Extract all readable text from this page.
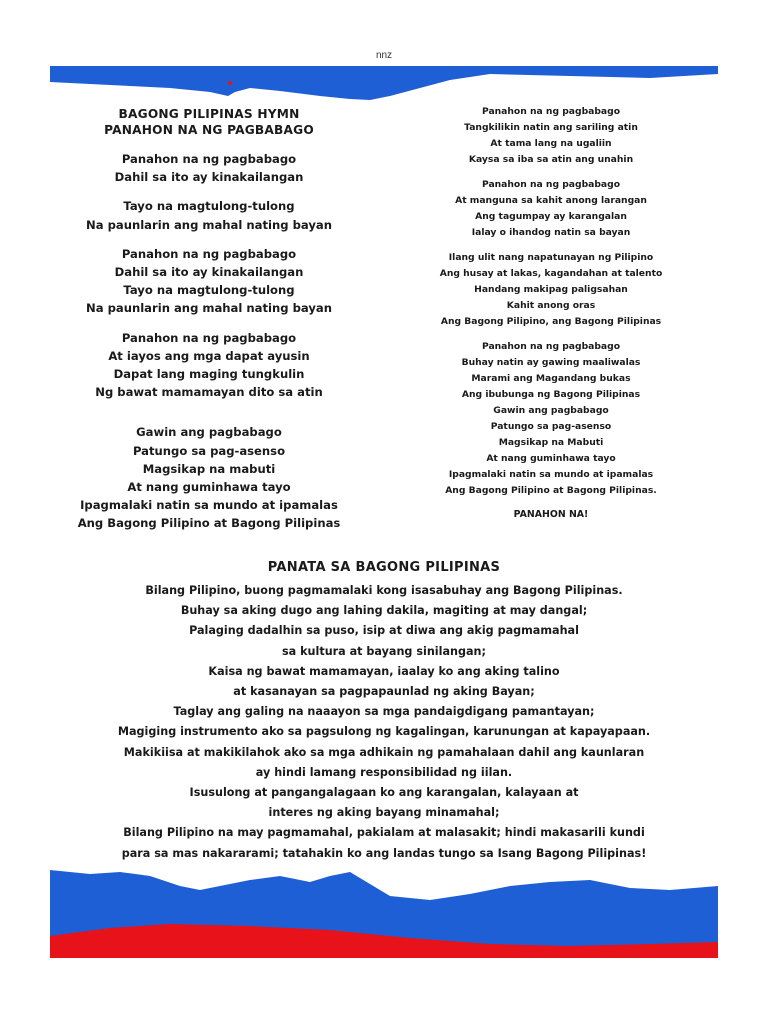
nnz
BAGONG PILIPINAS HYMN
PANAHON NA NG PAGBABAGO
Panahon na ng pagbabago
Dahil sa ito ay kinakailangan
Tayo na magtulong-tulong
Na paunlarin ang mahal nating bayan
Panahon na ng pagbabago
Dahil sa ito ay kinakailangan
Tayo na magtulong-tulong
Na paunlarin ang mahal nating bayan
Panahon na ng pagbabago
At iayos ang mga dapat ayusin
Dapat lang maging tungkulin
Ng bawat mamamayan dito sa atin
Gawin ang pagbabago
Patungo sa pag-asenso
Magsikap na mabuti
At nang guminhawa tayo
Ipagmalaki natin sa mundo at ipamalas
Ang Bagong Pilipino at Bagong Pilipinas
Panahon na ng pagbabago
Tangkilikin natin ang sariling atin
At tama lang na ugaliin
Kaysa sa iba sa atin ang unahin
Panahon na ng pagbabago
At manguna sa kahit anong larangan
Ang tagumpay ay karangalan
Ialay o ihandog natin sa bayan
Ilang ulit nang napatunayan ng Pilipino
Ang husay at lakas, kagandahan at talento
Handang makipag paligsahan
Kahit anong oras
Ang Bagong Pilipino, ang Bagong Pilipinas
Panahon na ng pagbabago
Buhay natin ay gawing maaliwalas
Marami ang Magandang bukas
Ang ibubunga ng Bagong Pilipinas
Gawin ang pagbabago
Patungo sa pag-asenso
Magsikap na Mabuti
At nang guminhawa tayo
Ipagmalaki natin sa mundo at ipamalas
Ang Bagong Pilipino at Bagong Pilipinas.
PANAHON NA!
PANATA SA BAGONG PILIPINAS
Bilang Pilipino, buong pagmamalaki kong isasabuhay ang Bagong Pilipinas.
Buhay sa aking dugo ang lahing dakila, magiting at may dangal;
Palaging dadalhin sa puso, isip at diwa ang akig pagmamahal
sa kultura at bayang sinilangan;
Kaisa ng bawat mamamayan, iaalay ko ang aking talino
at kasanayan sa pagpapaunlad ng aking Bayan;
Taglay ang galing na naaayon sa mga pandaigdigang pamantayan;
Magiging instrumento ako sa pagsulong ng kagalingan, karunungan at kapayapaan.
Makikiisa at makikilahok ako sa mga adhikain ng pamahalaan dahil ang kaunlaran
ay hindi lamang responsibilidad ng iilan.
Isusulong at pangangalagaan ko ang karangalan, kalayaan at
interes ng aking bayang minamahal;
Bilang Pilipino na may pagmamahal, pakialam at malasakit; hindi makasarili kundi
para sa mas nakararami; tatahakin ko ang landas tungo sa Isang Bagong Pilipinas!
